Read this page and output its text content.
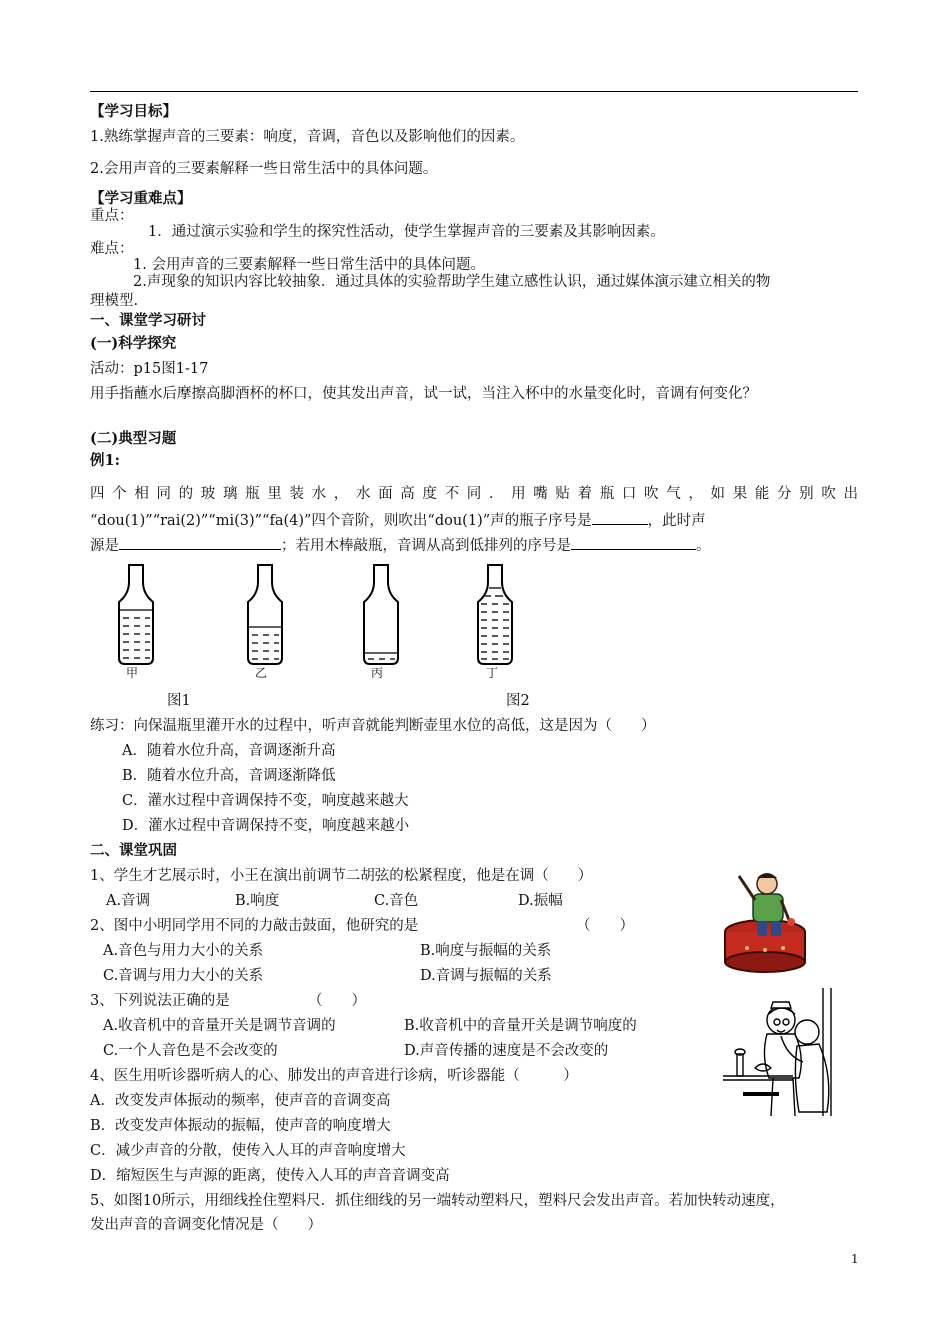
【学习目标】
1.熟练掌握声音的三要素：响度，音调，音色以及影响他们的因素。
2.会用声音的三要素解释一些日常生活中的具体问题。
【学习重难点】
重点：
1．通过演示实验和学生的探究性活动，使学生掌握声音的三要素及其影响因素。
难点：
1. 会用声音的三要素解释一些日常生活中的具体问题。
2.声现象的知识内容比较抽象．通过具体的实验帮助学生建立感性认识，通过媒体演示建立相关的物
理模型.
一、课堂学习研讨
(一)科学探究
活动：p15图1-17
用手指蘸水后摩擦高脚酒杯的杯口，使其发出声音，试一试，当注入杯中的水量变化时，音调有何变化？
(二)典型习题
例1:
四个相同的玻璃瓶里装水，水面高度不同．用嘴贴着瓶口吹气，如果能分别吹出
“dou(1)”“rai(2)”“mi(3)”“fa(4)”四个音阶，则吹出“dou(1)”声的瓶子序号是	，此时声
源是	；若用木棒敲瓶，音调从高到低排列的序号是	。
甲	乙	丙	丁
图1	图2
练习：向保温瓶里灌开水的过程中，听声音就能判断壶里水位的高低，这是因为（　　）
A．随着水位升高，音调逐渐升高
B．随着水位升高，音调逐渐降低
C．灌水过程中音调保持不变，响度越来越大
D．灌水过程中音调保持不变，响度越来越小
二、课堂巩固
1、学生才艺展示时，小王在演出前调节二胡弦的松紧程度，他是在调（　　）
A.音调	B.响度	C.音色	D.振幅
2、图中小明同学用不同的力敲击鼓面，他研究的是	（　　）
A.音色与用力大小的关系	B.响度与振幅的关系
C.音调与用力大小的关系	D.音调与振幅的关系
3、下列说法正确的是	（　　）
A.收音机中的音量开关是调节音调的	B.收音机中的音量开关是调节响度的
C.一个人音色是不会改变的	D.声音传播的速度是不会改变的
4、医生用听诊器听病人的心、肺发出的声音进行诊病，听诊器能（　　　）
A．改变发声体振动的频率，使声音的音调变高
B．改变发声体振动的振幅，使声音的响度增大
C．减少声音的分散，使传入人耳的声音响度增大
D．缩短医生与声源的距离，使传入人耳的声音音调变高
5、如图10所示，用细线拴住塑料尺．抓住细线的另一端转动塑料尺，塑料尺会发出声音。若加快转动速度，
发出声音的音调变化情况是（　　）
1
